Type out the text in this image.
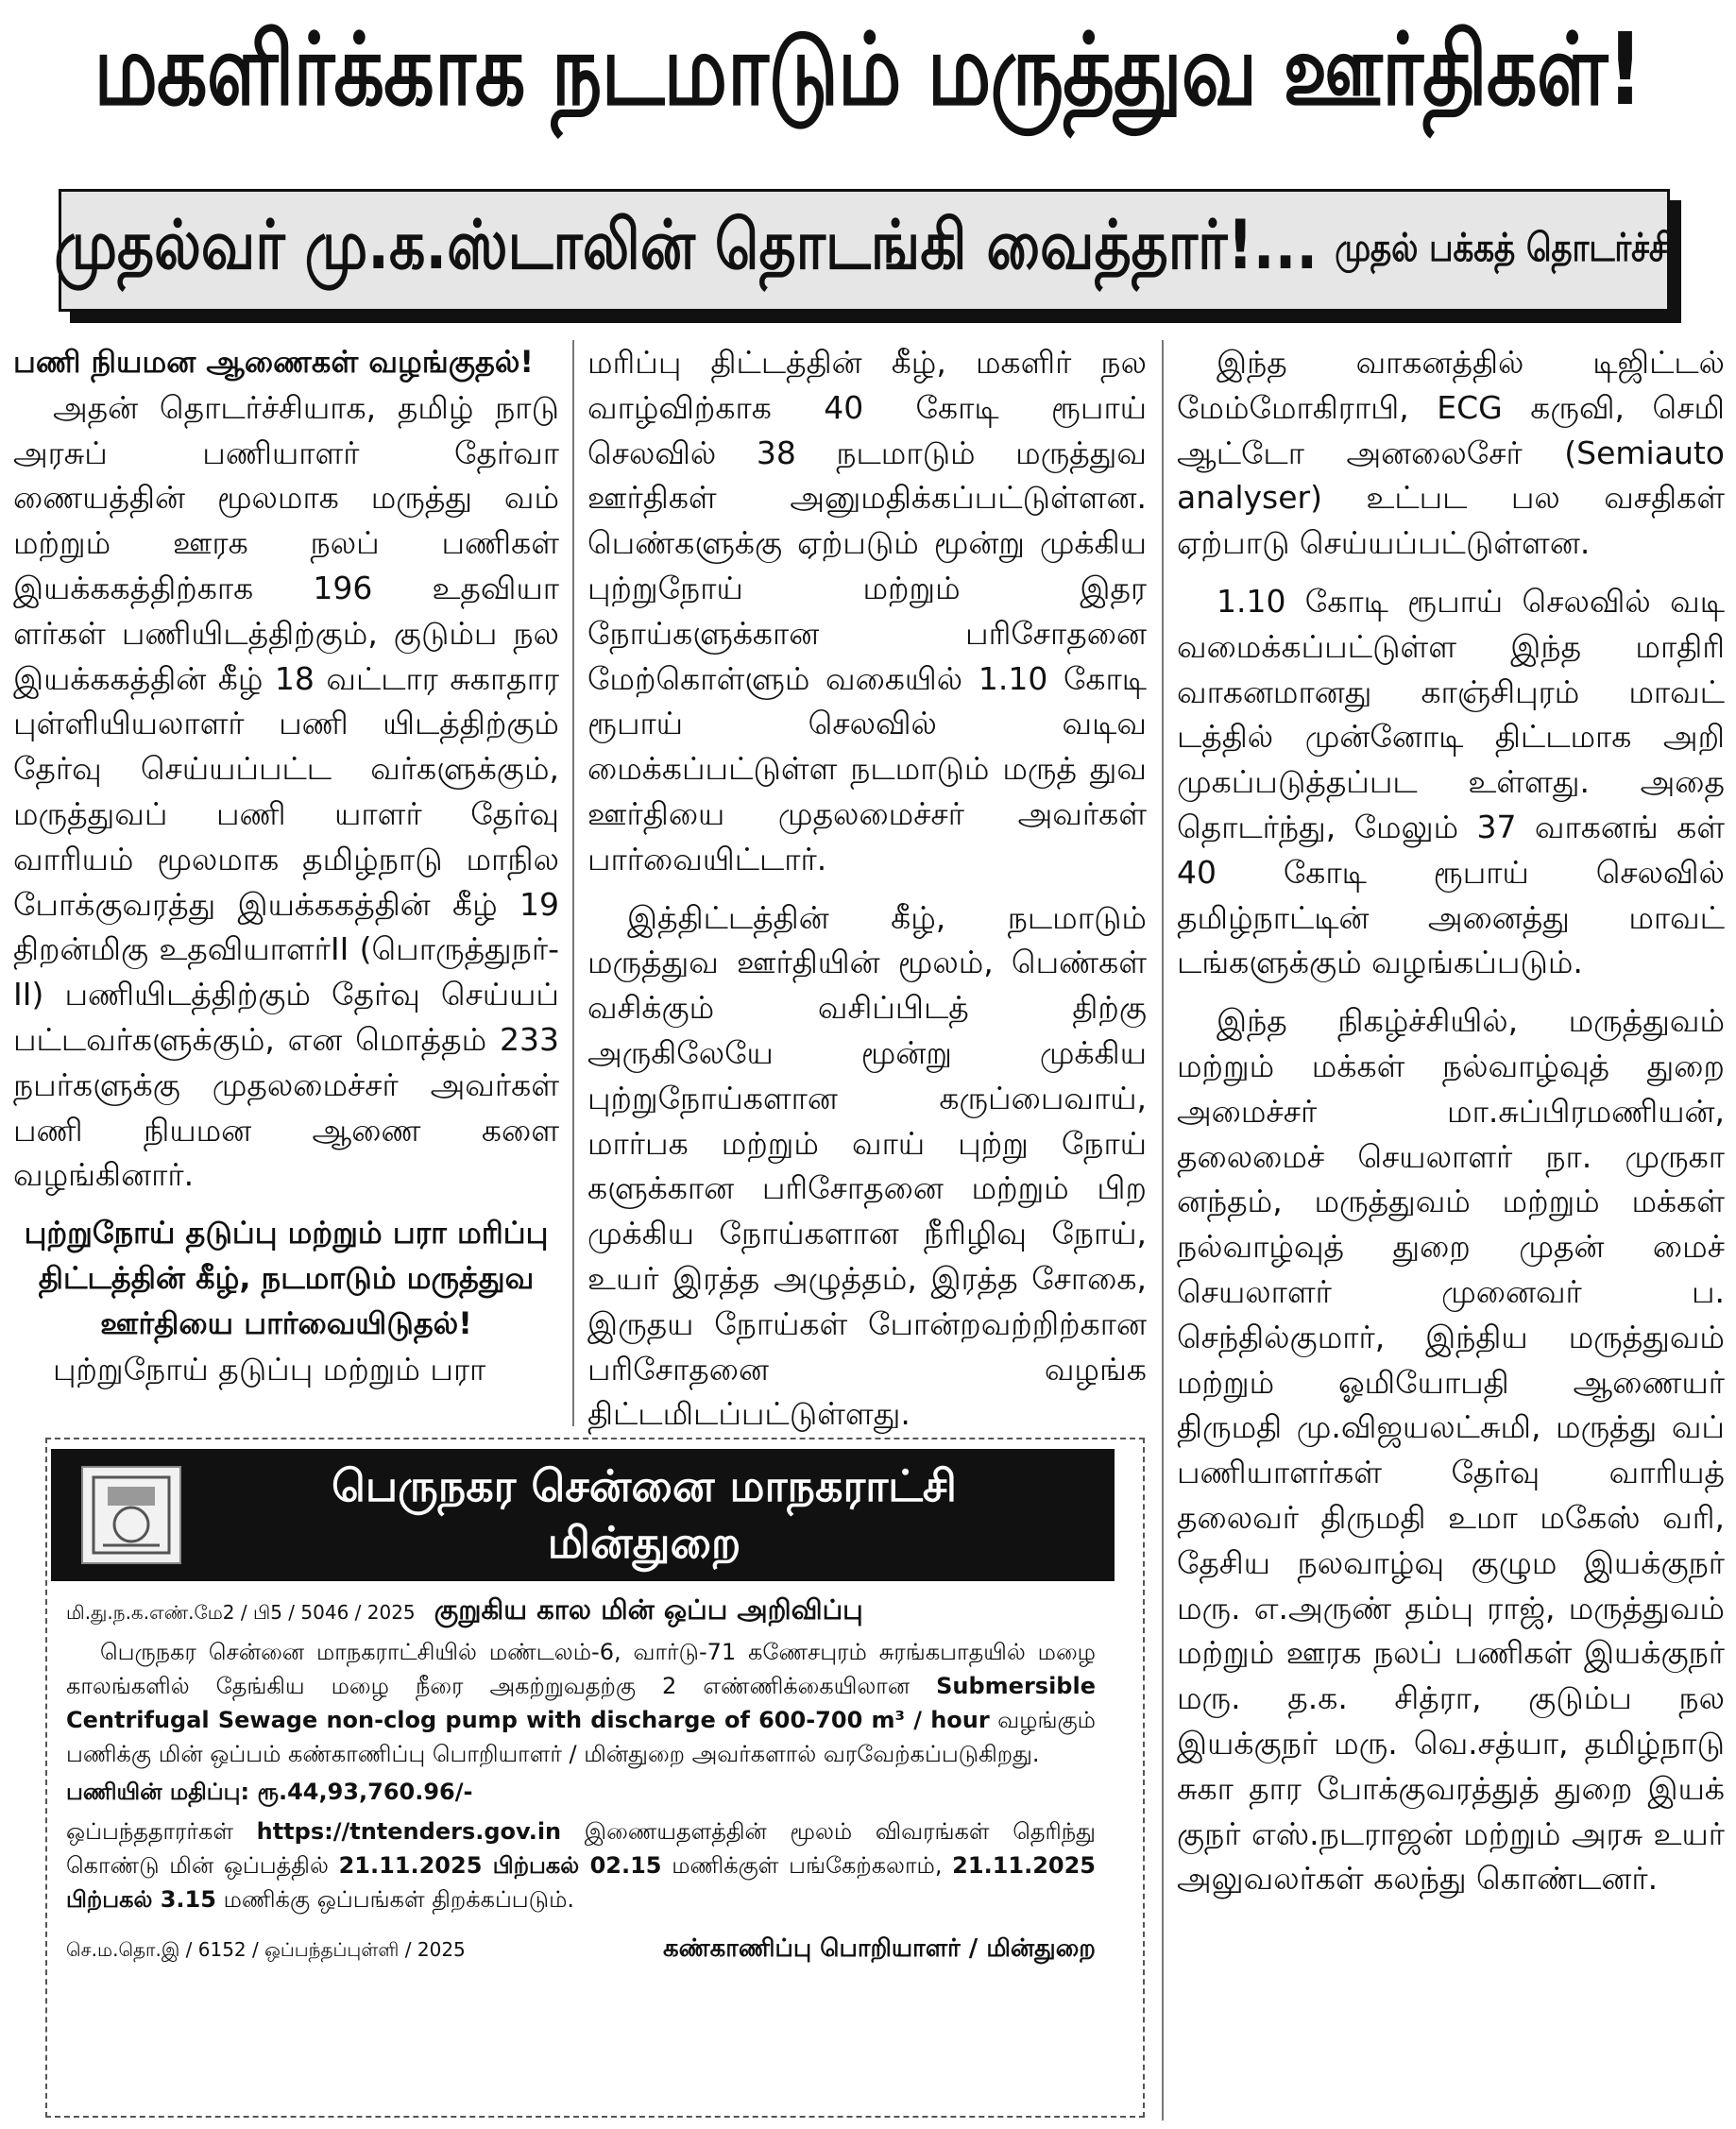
மகளிர்க்காக நடமாடும் மருத்துவ ஊர்திகள்!
முதல்வர் மு.க.ஸ்டாலின் தொடங்கி வைத்தார்!... முதல் பக்கத் தொடர்ச்சி

பணி நியமன ஆணைகள் வழங்குதல்!

அதன் தொடர்ச்சியாக, தமிழ் நாடு அரசுப் பணியாளர் தேர்வா ணையத்தின் மூலமாக மருத்து வம் மற்றும் ஊரக நலப் பணிகள் இயக்ககத்திற்காக 196 உதவியா ளர்கள் பணியிடத்திற்கும், குடும்ப நல இயக்ககத்தின் கீழ் 18 வட்டார சுகாதார புள்ளியியலாளர் பணி யிடத்திற்கும் தேர்வு செய்யப்பட்ட வர்களுக்கும், மருத்துவப் பணி யாளர் தேர்வு வாரியம் மூலமாக தமிழ்நாடு மாநில போக்குவரத்து இயக்ககத்தின் கீழ் 19 திறன்மிகு உதவியாளர்II (பொருத்துநர்- II) பணியிடத்திற்கும் தேர்வு செய்யப் பட்டவர்களுக்கும், என மொத்தம் 233 நபர்களுக்கு முதலமைச்சர் அவர்கள் பணி நியமன ஆணை களை வழங்கினார்.

புற்றுநோய் தடுப்பு மற்றும் பரா மரிப்பு திட்டத்தின் கீழ், நடமாடும் மருத்துவ ஊர்தியை பார்வையிடுதல்!

புற்றுநோய் தடுப்பு மற்றும் பரா

மரிப்பு திட்டத்தின் கீழ், மகளிர் நல வாழ்விற்காக 40 கோடி ரூபாய் செலவில் 38 நடமாடும் மருத்துவ ஊர்திகள் அனுமதிக்கப்பட்டுள்ளன. பெண்களுக்கு ஏற்படும் மூன்று முக்கிய புற்றுநோய் மற்றும் இதர நோய்களுக்கான பரிசோதனை மேற்கொள்ளும் வகையில் 1.10 கோடி ரூபாய் செலவில் வடிவ மைக்கப்பட்டுள்ள நடமாடும் மருத் துவ ஊர்தியை முதலமைச்சர் அவர்கள் பார்வையிட்டார்.

இத்திட்டத்தின் கீழ், நடமாடும் மருத்துவ ஊர்தியின் மூலம், பெண்கள் வசிக்கும் வசிப்பிடத் திற்கு அருகிலேயே மூன்று முக்கிய புற்றுநோய்களான கருப்பைவாய், மார்பக மற்றும் வாய் புற்று நோய் களுக்கான பரிசோதனை மற்றும் பிற முக்கிய நோய்களான நீரிழிவு நோய், உயர் இரத்த அழுத்தம், இரத்த சோகை, இருதய நோய்கள் போன்றவற்றிற்கான பரிசோதனை வழங்க திட்டமிடப்பட்டுள்ளது.

இந்த வாகனத்தில் டிஜிட்டல் மேம்மோகிராபி, ECG கருவி, செமி ஆட்டோ அனலைசேர் (Semiauto analyser) உட்பட பல வசதிகள் ஏற்பாடு செய்யப்பட்டுள்ளன.

1.10 கோடி ரூபாய் செலவில் வடி வமைக்கப்பட்டுள்ள இந்த மாதிரி வாகனமானது காஞ்சிபுரம் மாவட் டத்தில் முன்னோடி திட்டமாக அறி முகப்படுத்தப்பட உள்ளது. அதை தொடர்ந்து, மேலும் 37 வாகனங் கள் 40 கோடி ரூபாய் செலவில் தமிழ்நாட்டின் அனைத்து மாவட் டங்களுக்கும் வழங்கப்படும்.

இந்த நிகழ்ச்சியில், மருத்துவம் மற்றும் மக்கள் நல்வாழ்வுத் துறை அமைச்சர் மா.சுப்பிரமணியன், தலைமைச் செயலாளர் நா. முருகா னந்தம், மருத்துவம் மற்றும் மக்கள் நல்வாழ்வுத் துறை முதன் மைச் செயலாளர் முனைவர் ப. செந்தில்குமார், இந்திய மருத்துவம் மற்றும் ஓமியோபதி ஆணையர் திருமதி மு.விஜயலட்சுமி, மருத்து வப் பணியாளர்கள் தேர்வு வாரியத் தலைவர் திருமதி உமா மகேஸ் வரி, தேசிய நலவாழ்வு குழும இயக்குநர் மரு. எ.அருண் தம்பு ராஜ், மருத்துவம் மற்றும் ஊரக நலப் பணிகள் இயக்குநர் மரு. த.க. சித்ரா, குடும்ப நல இயக்குநர் மரு. வெ.சத்யா, தமிழ்நாடு சுகா தார போக்குவரத்துத் துறை இயக் குநர் எஸ்.நடராஜன் மற்றும் அரசு உயர் அலுவலர்கள் கலந்து கொண்டனர்.

பெருநகர சென்னை மாநகராட்சி
மின்துறை
மி.து.ந.க.எண்.மே2 / பி5 / 5046 / 2025 குறுகிய கால மின் ஒப்ப அறிவிப்பு

பெருநகர சென்னை மாநகராட்சியில் மண்டலம்-6, வார்டு-71 கணேசபுரம் சுரங்கபாதயில் மழை காலங்களில் தேங்கிய மழை நீரை அகற்றுவதற்கு 2 எண்ணிக்கையிலான Submersible Centrifugal Sewage non-clog pump with discharge of 600-700 m³ / hour வழங்கும் பணிக்கு மின் ஒப்பம் கண்காணிப்பு பொறியாளர் / மின்துறை அவர்களால் வரவேற்கப்படுகிறது.

பணியின் மதிப்பு: ரூ.44,93,760.96/-

ஒப்பந்ததாரர்கள் https://tntenders.gov.in இணையதளத்தின் மூலம் விவரங்கள் தெரிந்து கொண்டு மின் ஒப்பத்தில் 21.11.2025 பிற்பகல் 02.15 மணிக்குள் பங்கேற்கலாம், 21.11.2025 பிற்பகல் 3.15 மணிக்கு ஒப்பங்கள் திறக்கப்படும்.

செ.ம.தொ.இ / 6152 / ஒப்பந்தப்புள்ளி / 2025	கண்காணிப்பு பொறியாளர் / மின்துறை
